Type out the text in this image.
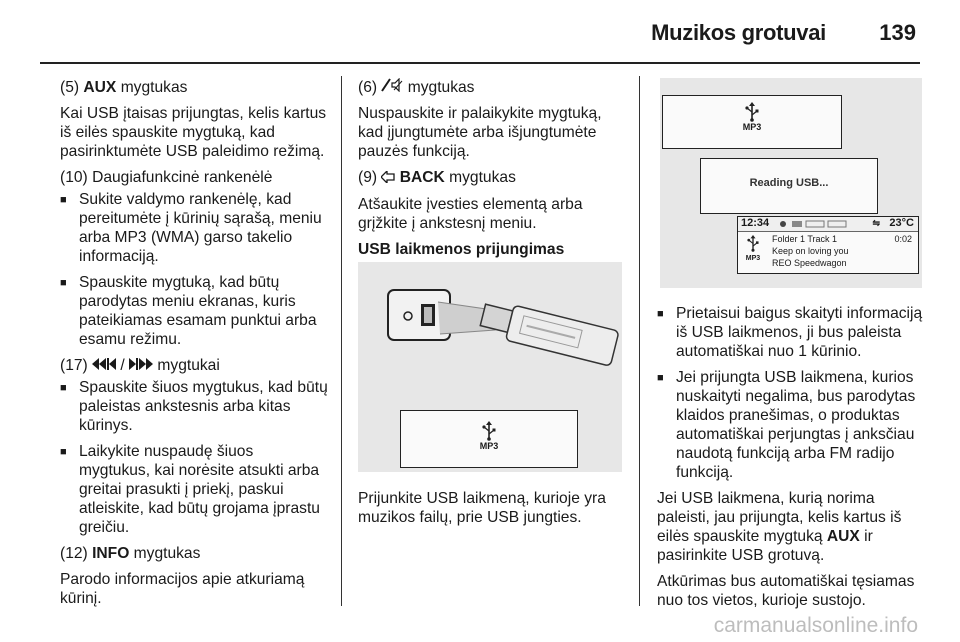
Muzikos grotuvai 139

(5) AUX mygtukas

Kai USB įtaisas prijungtas, kelis kartus iš eilės spauskite mygtuką, kad pasirinktumėte USB paleidimo režimą.

(10) Daugiafunkcinė rankenėlė

■ Sukite valdymo rankenėlę, kad pereitumėte į kūrinių sąrašą, meniu arba MP3 (WMA) garso takelio informaciją.
■ Spauskite mygtuką, kad būtų parodytas meniu ekranas, kuris pateikiamas esamam punktui arba esamu režimu.

(17)  /  mygtukai

■ Spauskite šiuos mygtukus, kad būtų paleistas ankstesnis arba kitas kūrinys.
■ Laikykite nuspaudę šiuos mygtukus, kai norėsite atsukti arba greitai prasukti į priekį, paskui atleiskite, kad būtų grojama įprastu greičiu.

(12) INFO mygtukas

Parodo informacijos apie atkuriamą kūrinį.

(6) mygtukas

Nuspauskite ir palaikykite mygtuką, kad įjungtumėte arba išjungtumėte pauzės funkciją.

(9) BACK mygtukas

Atšaukite įvesties elementą arba grįžkite į ankstesnį meniu.

USB laikmenos prijungimas

MP3

Prijunkite USB laikmeną, kurioje yra muzikos failų, prie USB jungties.

MP3
Reading USB...
12:34	⇋ 23°C
MP3
Folder 1 Track 1	0:02
Keep on loving you
REO Speedwagon
■ Prietaisui baigus skaityti informaciją iš USB laikmenos, ji bus paleista automatiškai nuo 1 kūrinio.
■ Jei prijungta USB laikmena, kurios nuskaityti negalima, bus parodytas klaidos pranešimas, o produktas automatiškai perjungtas į anksčiau naudotą funkciją arba FM radijo funkciją.

Jei USB laikmena, kurią norima paleisti, jau prijungta, kelis kartus iš eilės spauskite mygtuką AUX ir pasirinkite USB grotuvą.

Atkūrimas bus automatiškai tęsiamas nuo tos vietos, kurioje sustojo.

carmanualsonline.info
